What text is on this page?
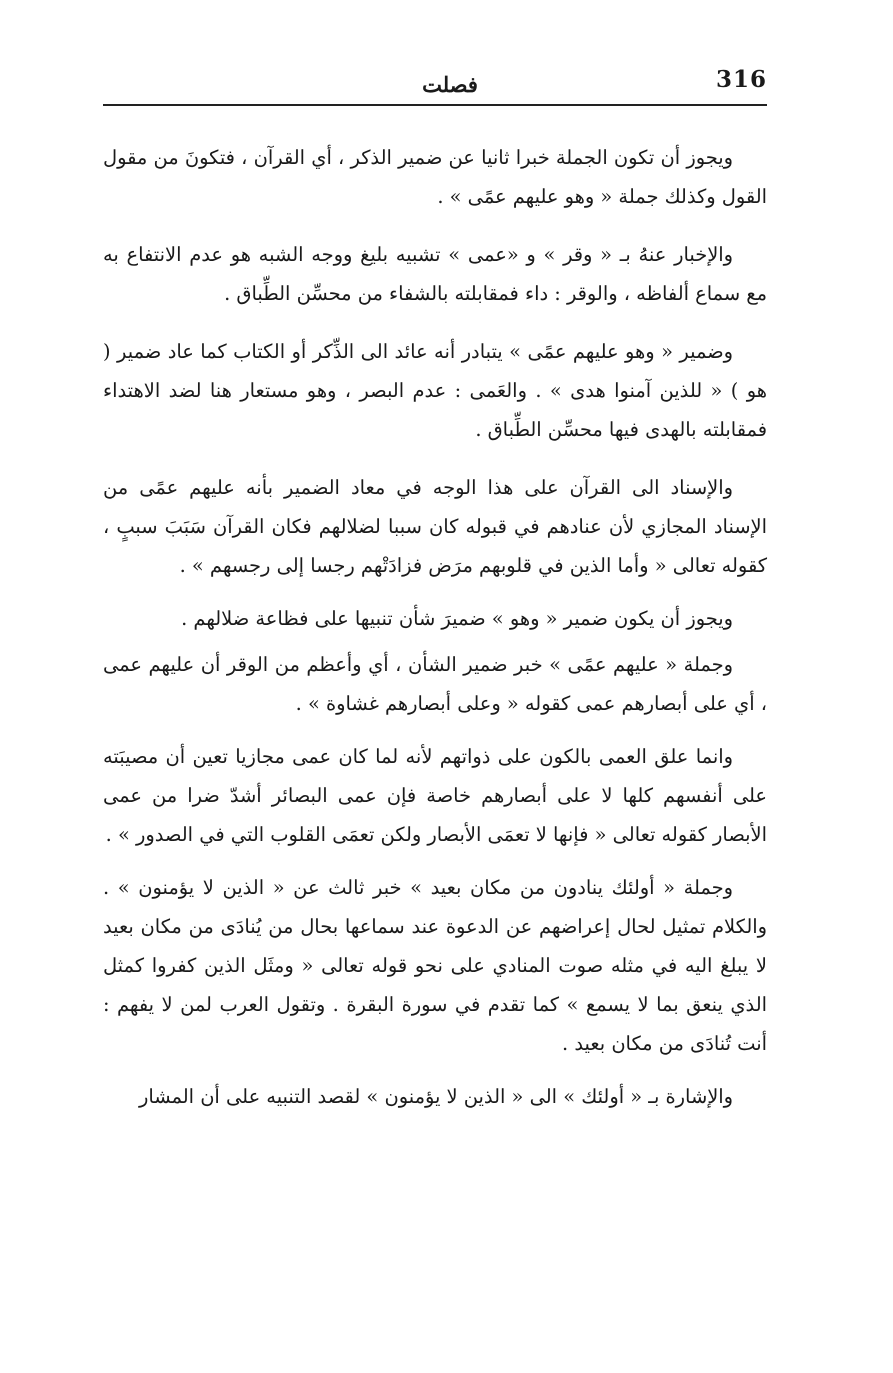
316
فصلت

ويجوز أن تكون الجملة خبرا ثانيا عن ضمير الذكر ، أي القرآن ، فتكونَ من مقول القول وكذلك جملة « وهو عليهم عمًى » .

والإخبار عنهُ بـ « وقر » و «عمى » تشبيه بليغ ووجه الشبه هو عدم الانتفاع به مع سماع ألفاظه ، والوقر : داء فمقابلته بالشفاء من محسِّن الطِّباق .

وضمير « وهو عليهم عمًى » يتبادر أنه عائد الى الذِّكر أو الكتاب كما عاد ضمير ( هو ) « للذين آمنوا هدى » . والعَمى : عدم البصر ، وهو مستعار هنا لضد الاهتداء فمقابلته بالهدى فيها محسِّن الطِّباق .

والإسناد الى القرآن على هذا الوجه في معاد الضمير بأنه عليهم عمًى من الإسناد المجازي لأن عنادهم في قبوله كان سببا لضلالهم فكان القرآن سَبَبَ سببٍ ، كقوله تعالى « وأما الذين في قلوبهم مرَض فزادَتْهم رجسا إلى رجسهم » .

ويجوز أن يكون ضمير « وهو » ضميرَ شأن تنبيها على فظاعة ضلالهم .

وجملة « عليهم عمًى » خبر ضمير الشأن ، أي وأعظم من الوقر أن عليهم عمى ، أي على أبصارهم عمى كقوله « وعلى أبصارهم غشاوة » .

وانما علق العمى بالكون على ذواتهم لأنه لما كان عمى مجازيا تعين أن مصيبَته على أنفسهم كلها لا على أبصارهم خاصة فإن عمى البصائر أشدّ ضرا من عمى الأبصار كقوله تعالى « فإنها لا تعمَى الأبصار ولكن تعمَى القلوب التي في الصدور » .

وجملة « أولئك ينادون من مكان بعيد » خبر ثالث عن « الذين لا يؤمنون » . والكلام تمثيل لحال إعراضهم عن الدعوة عند سماعها بحال من يُنادَى من مكان بعيد لا يبلغ اليه في مثله صوت المنادي على نحو قوله تعالى « ومثَل الذين كفروا كمثل الذي ينعق بما لا يسمع » كما تقدم في سورة البقرة . وتقول العرب لمن لا يفهم : أنت تُنادَى من مكان بعيد .

والإشارة بـ « أولئك » الى « الذين لا يؤمنون » لقصد التنبيه على أن المشار
